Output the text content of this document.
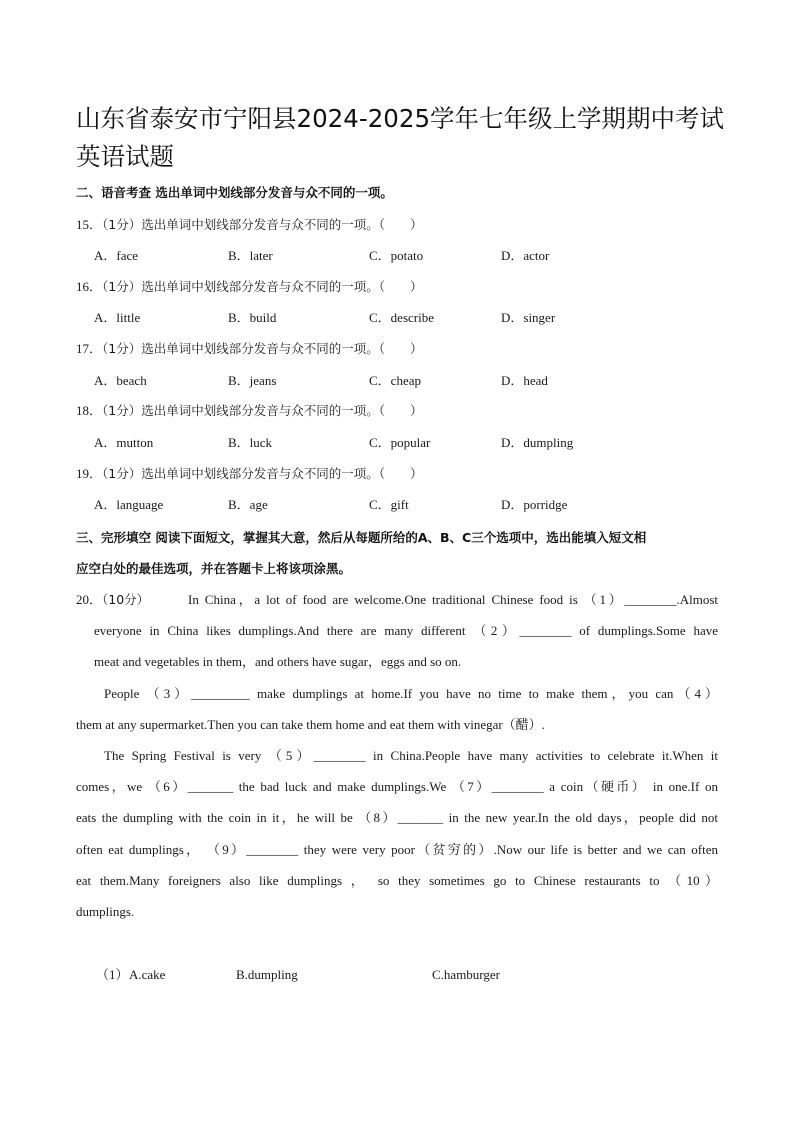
山东省泰安市宁阳县2024-2025学年七年级上学期期中考试英语试题
二、语音考查 选出单词中划线部分发音与众不同的一项。
15．（1分）选出单词中划线部分发音与众不同的一项。（　　）
A．face	B．later	C．potato	D．actor
16．（1分）选出单词中划线部分发音与众不同的一项。（　　）
A．little	B．build	C．describe	D．singer
17．（1分）选出单词中划线部分发音与众不同的一项。（　　）
A．beach	B．jeans	C．cheap	D．head
18．（1分）选出单词中划线部分发音与众不同的一项。（　　）
A．mutton	B．luck	C．popular	D．dumpling
19．（1分）选出单词中划线部分发音与众不同的一项。（　　）
A．language	B．age	C．gift	D．porridge
三、完形填空 阅读下面短文，掌握其大意，然后从每题所给的A、B、C三个选项中，选出能填入短文相
应空白处的最佳选项，并在答题卡上将该项涂黑。
20．（10分）	In China，a lot of food are welcome.One traditional Chinese food is （1）________.Almost
everyone in China likes dumplings.And there are many different （2）________ of dumplings.Some have
meat and vegetables in them，and others have sugar，eggs and so on.
People （3）_________ make dumplings at home.If you have no time to make them，you can（4）
them at any supermarket.Then you can take them home and eat them with vinegar（醋）.
The Spring Festival is very （5）________ in China.People have many activities to celebrate it.When it
comes，we （6）_______ the bad luck and make dumplings.We （7）________ a coin（硬币） in one.If on
eats the dumpling with the coin in it，he will be （8）_______ in the new year.In the old days，people did not
often eat dumplings， （9）________ they were very poor（贫穷的）.Now our life is better and we can often
eat them.Many foreigners also like dumplings ， so they sometimes go to Chinese restaurants to （10）
dumplings.
（1） A.cake	B.dumpling	C.hamburger
